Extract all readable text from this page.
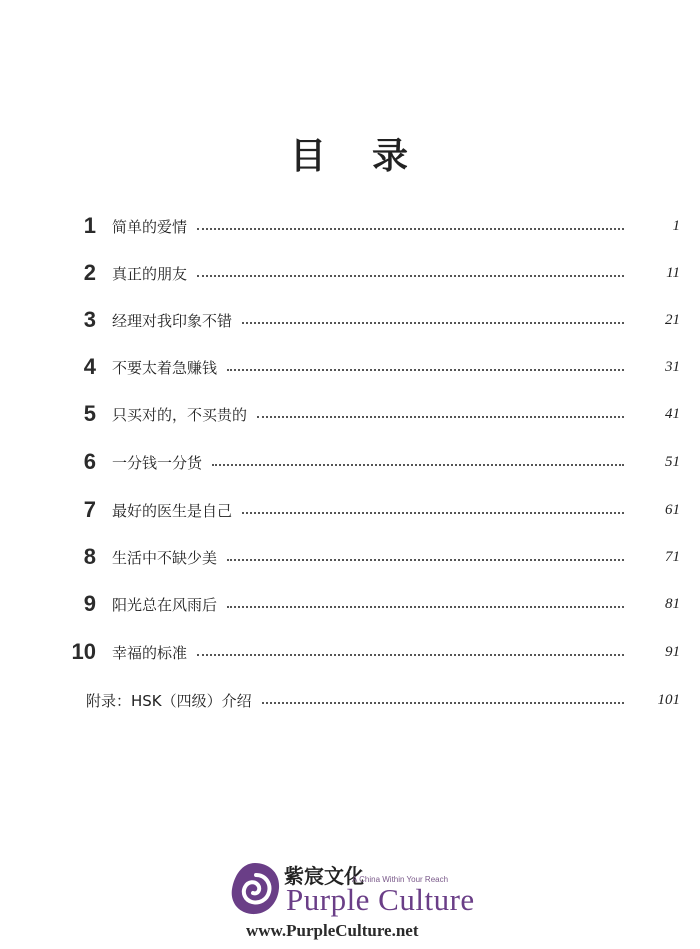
目 录
1	简单的爱情	1
2	真正的朋友	11
3	经理对我印象不错	21
4	不要太着急赚钱	31
5	只买对的，不买贵的	41
6	一分钱一分货	51
7	最好的医生是自己	61
8	生活中不缺少美	71
9	阳光总在风雨后	81
10	幸福的标准	91
附录：HSK（四级）介绍	101
紫宸文化
A China Within Your Reach
Purple Culture
www.PurpleCulture.net
